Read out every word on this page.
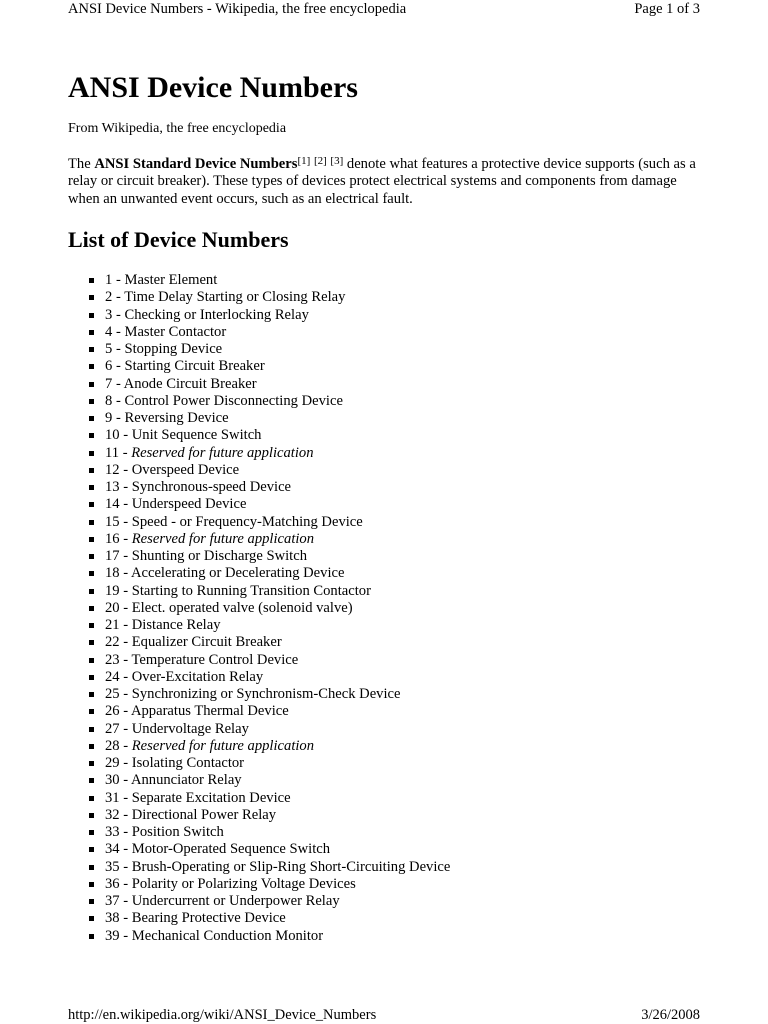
ANSI Device Numbers - Wikipedia, the free encyclopedia	Page 1 of 3
ANSI Device Numbers
From Wikipedia, the free encyclopedia

The ANSI Standard Device Numbers[1] [2] [3] denote what features a protective device supports (such as a relay or circuit breaker). These types of devices protect electrical systems and components from damage when an unwanted event occurs, such as an electrical fault.

List of Device Numbers
1 - Master Element
2 - Time Delay Starting or Closing Relay
3 - Checking or Interlocking Relay
4 - Master Contactor
5 - Stopping Device
6 - Starting Circuit Breaker
7 - Anode Circuit Breaker
8 - Control Power Disconnecting Device
9 - Reversing Device
10 - Unit Sequence Switch
11 - Reserved for future application
12 - Overspeed Device
13 - Synchronous-speed Device
14 - Underspeed Device
15 - Speed - or Frequency-Matching Device
16 - Reserved for future application
17 - Shunting or Discharge Switch
18 - Accelerating or Decelerating Device
19 - Starting to Running Transition Contactor
20 - Elect. operated valve (solenoid valve)
21 - Distance Relay
22 - Equalizer Circuit Breaker
23 - Temperature Control Device
24 - Over-Excitation Relay
25 - Synchronizing or Synchronism-Check Device
26 - Apparatus Thermal Device
27 - Undervoltage Relay
28 - Reserved for future application
29 - Isolating Contactor
30 - Annunciator Relay
31 - Separate Excitation Device
32 - Directional Power Relay
33 - Position Switch
34 - Motor-Operated Sequence Switch
35 - Brush-Operating or Slip-Ring Short-Circuiting Device
36 - Polarity or Polarizing Voltage Devices
37 - Undercurrent or Underpower Relay
38 - Bearing Protective Device
39 - Mechanical Conduction Monitor
http://en.wikipedia.org/wiki/ANSI_Device_Numbers	3/26/2008
